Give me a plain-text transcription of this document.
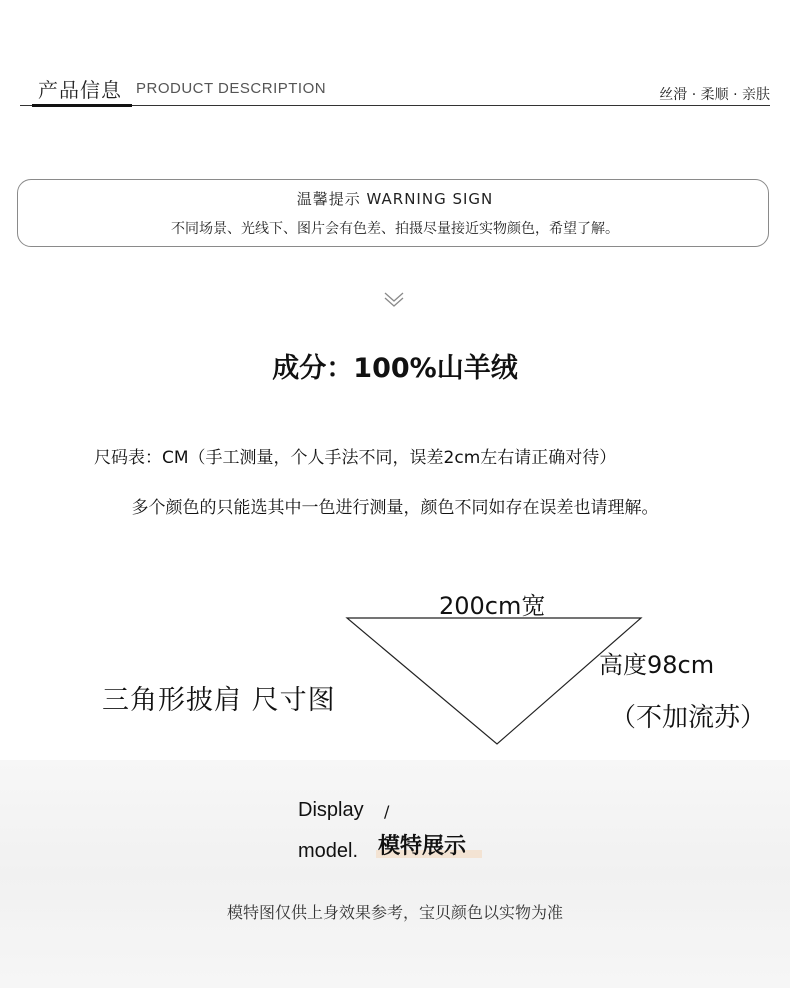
产品信息 PRODUCT DESCRIPTION	丝滑 · 柔顺 · 亲肤
温馨提示 WARNING SIGN
不同场景、光线下、图片会有色差、拍摄尽量接近实物颜色，希望了解。
成分：100%山羊绒
尺码表：CM（手工测量，个人手法不同，误差2cm左右请正确对待）
多个颜色的只能选其中一色进行测量，颜色不同如存在误差也请理解。
200cm宽
高度98cm
（不加流苏）
三角形披肩 尺寸图
Display /
model. 模特展示
模特图仅供上身效果参考，宝贝颜色以实物为准
